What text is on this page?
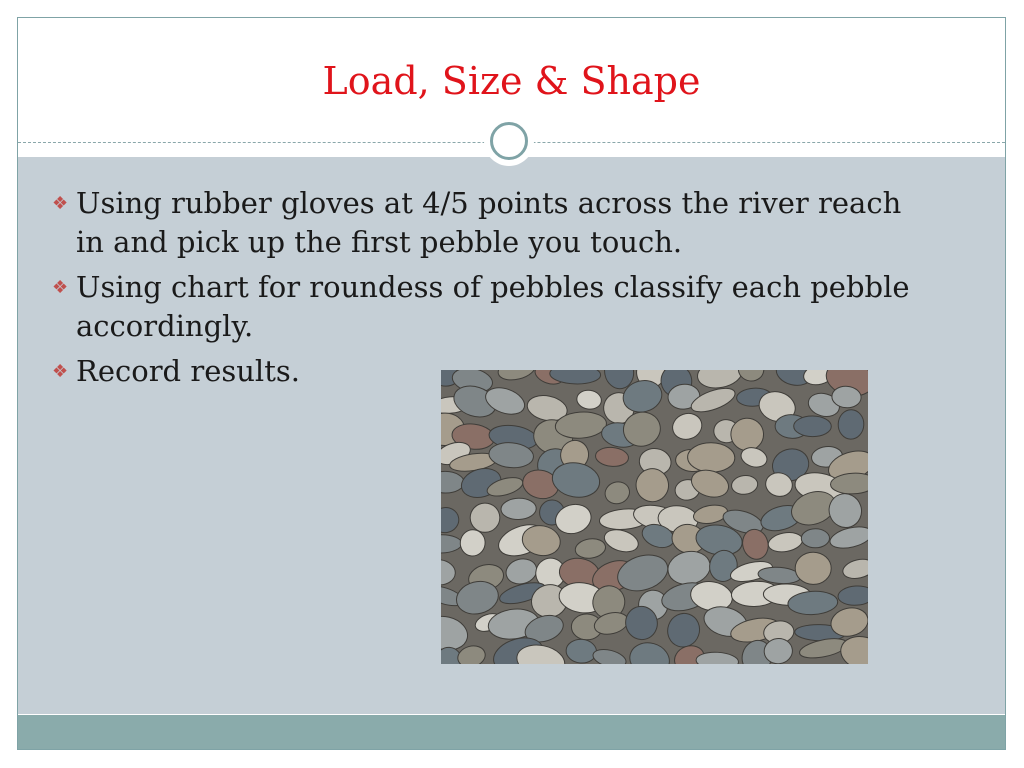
Load, Size & Shape
❖ Using rubber gloves at 4/5 points across the river reach in and pick up the first pebble you touch.
❖ Using chart for roundess of pebbles classify each pebble accordingly.
❖ Record results.
